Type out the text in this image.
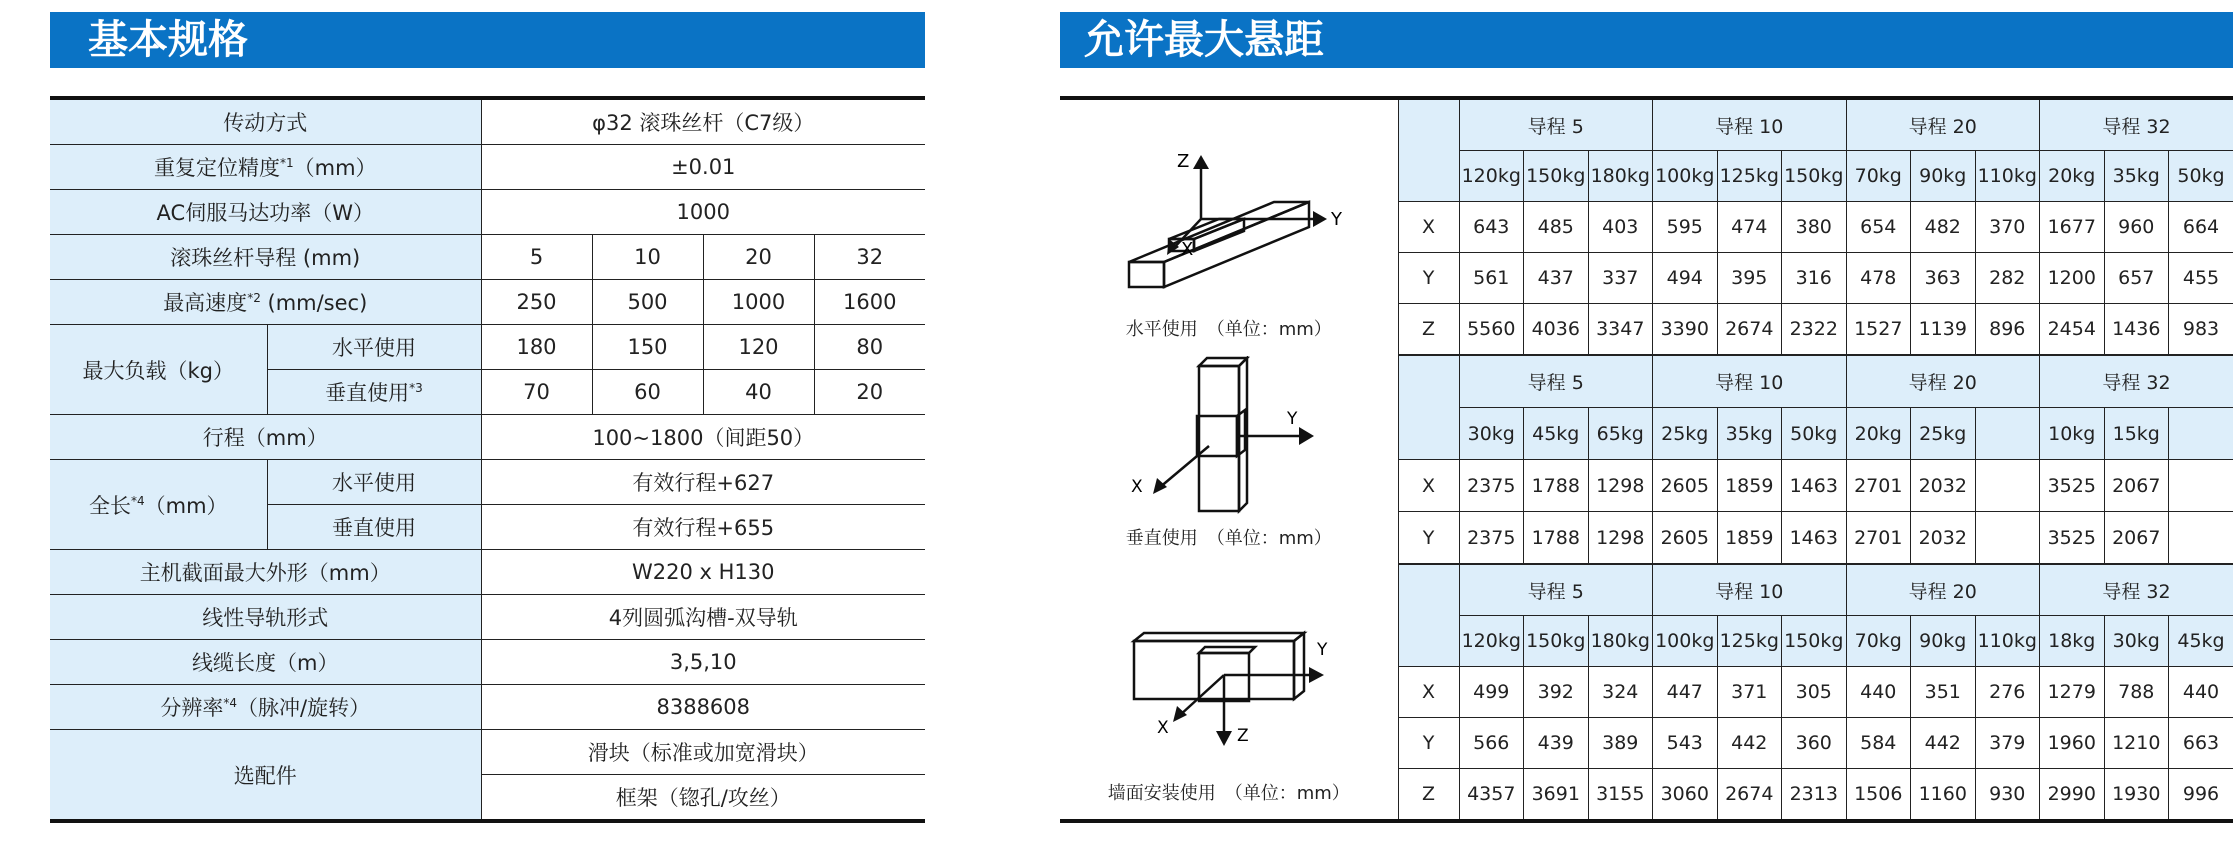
基本规格	允许最大悬距
传动方式		φ32 滚珠丝杆（C7级）			
重复定位精度$^{*1}$（mm）		±0.01			
AC伺服马达功率（W）		1000			
滚珠丝杆导程 (mm)		5	10	20	32
最高速度$^{*2}$ (mm/sec)		250	500	1000	1600
最大负载（kg）	水平使用	180	150	120	80
	垂直使用$^{*3}$	70	60	40	20
行程（mm）		100~1800（间距50）			
全长$^{*4}$（mm）	水平使用	有效行程+627			
	垂直使用	有效行程+655			
主机截面最大外形（mm）		W220 x H130			
线性导轨形式		4列圆弧沟槽-双导轨			
线缆长度（m）		3,5,10			
分辨率$^{*4}$（脉冲/旋转）		8388608			
选配件		滑块（标准或加宽滑块）			
		框架（锪孔/攻丝）			
Z
Y
X
水平使用　（单位：mm）		导程 5			导程 10			导程 20			导程 32		
		120kg	150kg	180kg	100kg	125kg	150kg	70kg	90kg	110kg	20kg	35kg	50kg
	X	643	485	403	595	474	380	654	482	370	1677	960	664
	Y	561	437	337	494	395	316	478	363	282	1200	657	455
	Z	5560	4036	3347	3390	2674	2322	1527	1139	896	2454	1436	983
Y
X
垂直使用　（单位：mm）		导程 5			导程 10			导程 20			导程 32		
		30kg	45kg	65kg	25kg	35kg	50kg	20kg	25kg		10kg	15kg	
	X	2375	1788	1298	2605	1859	1463	2701	2032		3525	2067	
	Y	2375	1788	1298	2605	1859	1463	2701	2032		3525	2067	
Y
X Z
墙面安装使用　（单位：mm）		导程 5			导程 10			导程 20			导程 32		
		120kg	150kg	180kg	100kg	125kg	150kg	70kg	90kg	110kg	18kg	30kg	45kg
	X	499	392	324	447	371	305	440	351	276	1279	788	440
	Y	566	439	389	543	442	360	584	442	379	1960	1210	663
	Z	4357	3691	3155	3060	2674	2313	1506	1160	930	2990	1930	996
